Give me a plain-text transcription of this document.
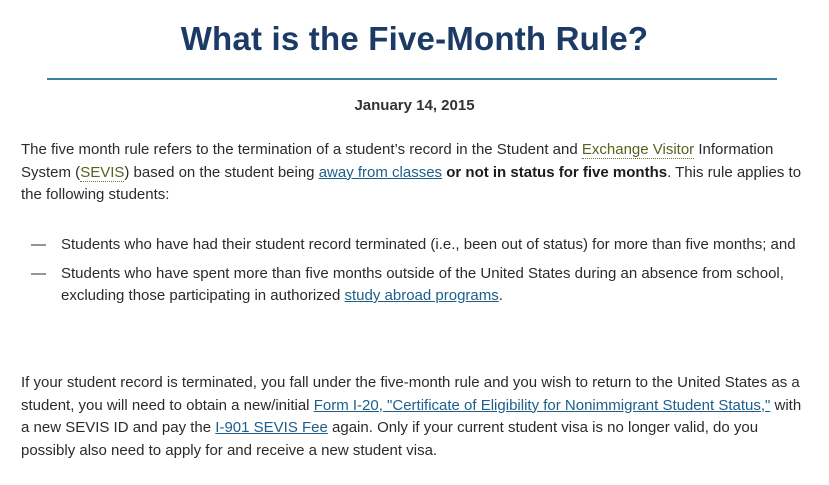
What is the Five-Month Rule?
January 14, 2015

The five month rule refers to the termination of a student’s record in the Student and Exchange Visitor Information System (SEVIS) based on the student being away from classes or not in status for five months. This rule applies to the following students:

— Students who have had their student record terminated (i.e., been out of status) for more than five months; and
— Students who have spent more than five months outside of the United States during an absence from school, excluding those participating in authorized study abroad programs.

If your student record is terminated, you fall under the five-month rule and you wish to return to the United States as a student, you will need to obtain a new/initial Form I-20, "Certificate of Eligibility for Nonimmigrant Student Status," with a new SEVIS ID and pay the I-901 SEVIS Fee again. Only if your current student visa is no longer valid, do you possibly also need to apply for and receive a new student visa.
